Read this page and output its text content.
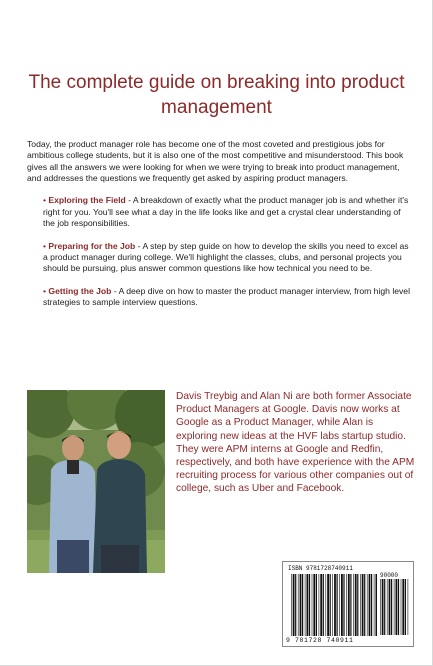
The complete guide on breaking into product management

Today, the product manager role has become one of the most coveted and prestigious jobs for ambitious college students, but it is also one of the most competitive and misunderstood. This book gives all the answers we were looking for when we were trying to break into product management, and addresses the questions we frequently get asked by aspiring product managers.

• Exploring the Field - A breakdown of exactly what the product manager job is and whether it's right for you. You'll see what a day in the life looks like and get a crystal clear understanding of the job responsibilities.

• Preparing for the Job - A step by step guide on how to develop the skills you need to excel as a product manager during college. We'll highlight the classes, clubs, and personal projects you should be pursuing, plus answer common questions like how technical you need to be.

• Getting the Job - A deep dive on how to master the product manager interview, from high level strategies to sample interview questions.

Davis Treybig and Alan Ni are both former Associate Product Managers at Google. Davis now works at Google as a Product Manager, while Alan is exploring new ideas at the HVF labs startup studio. They were APM interns at Google and Redfin, respectively, and both have experience with the APM recruiting process for various other companies out of college, such as Uber and Facebook.

ISBN 9781728740911
90000
9 781728 740911
